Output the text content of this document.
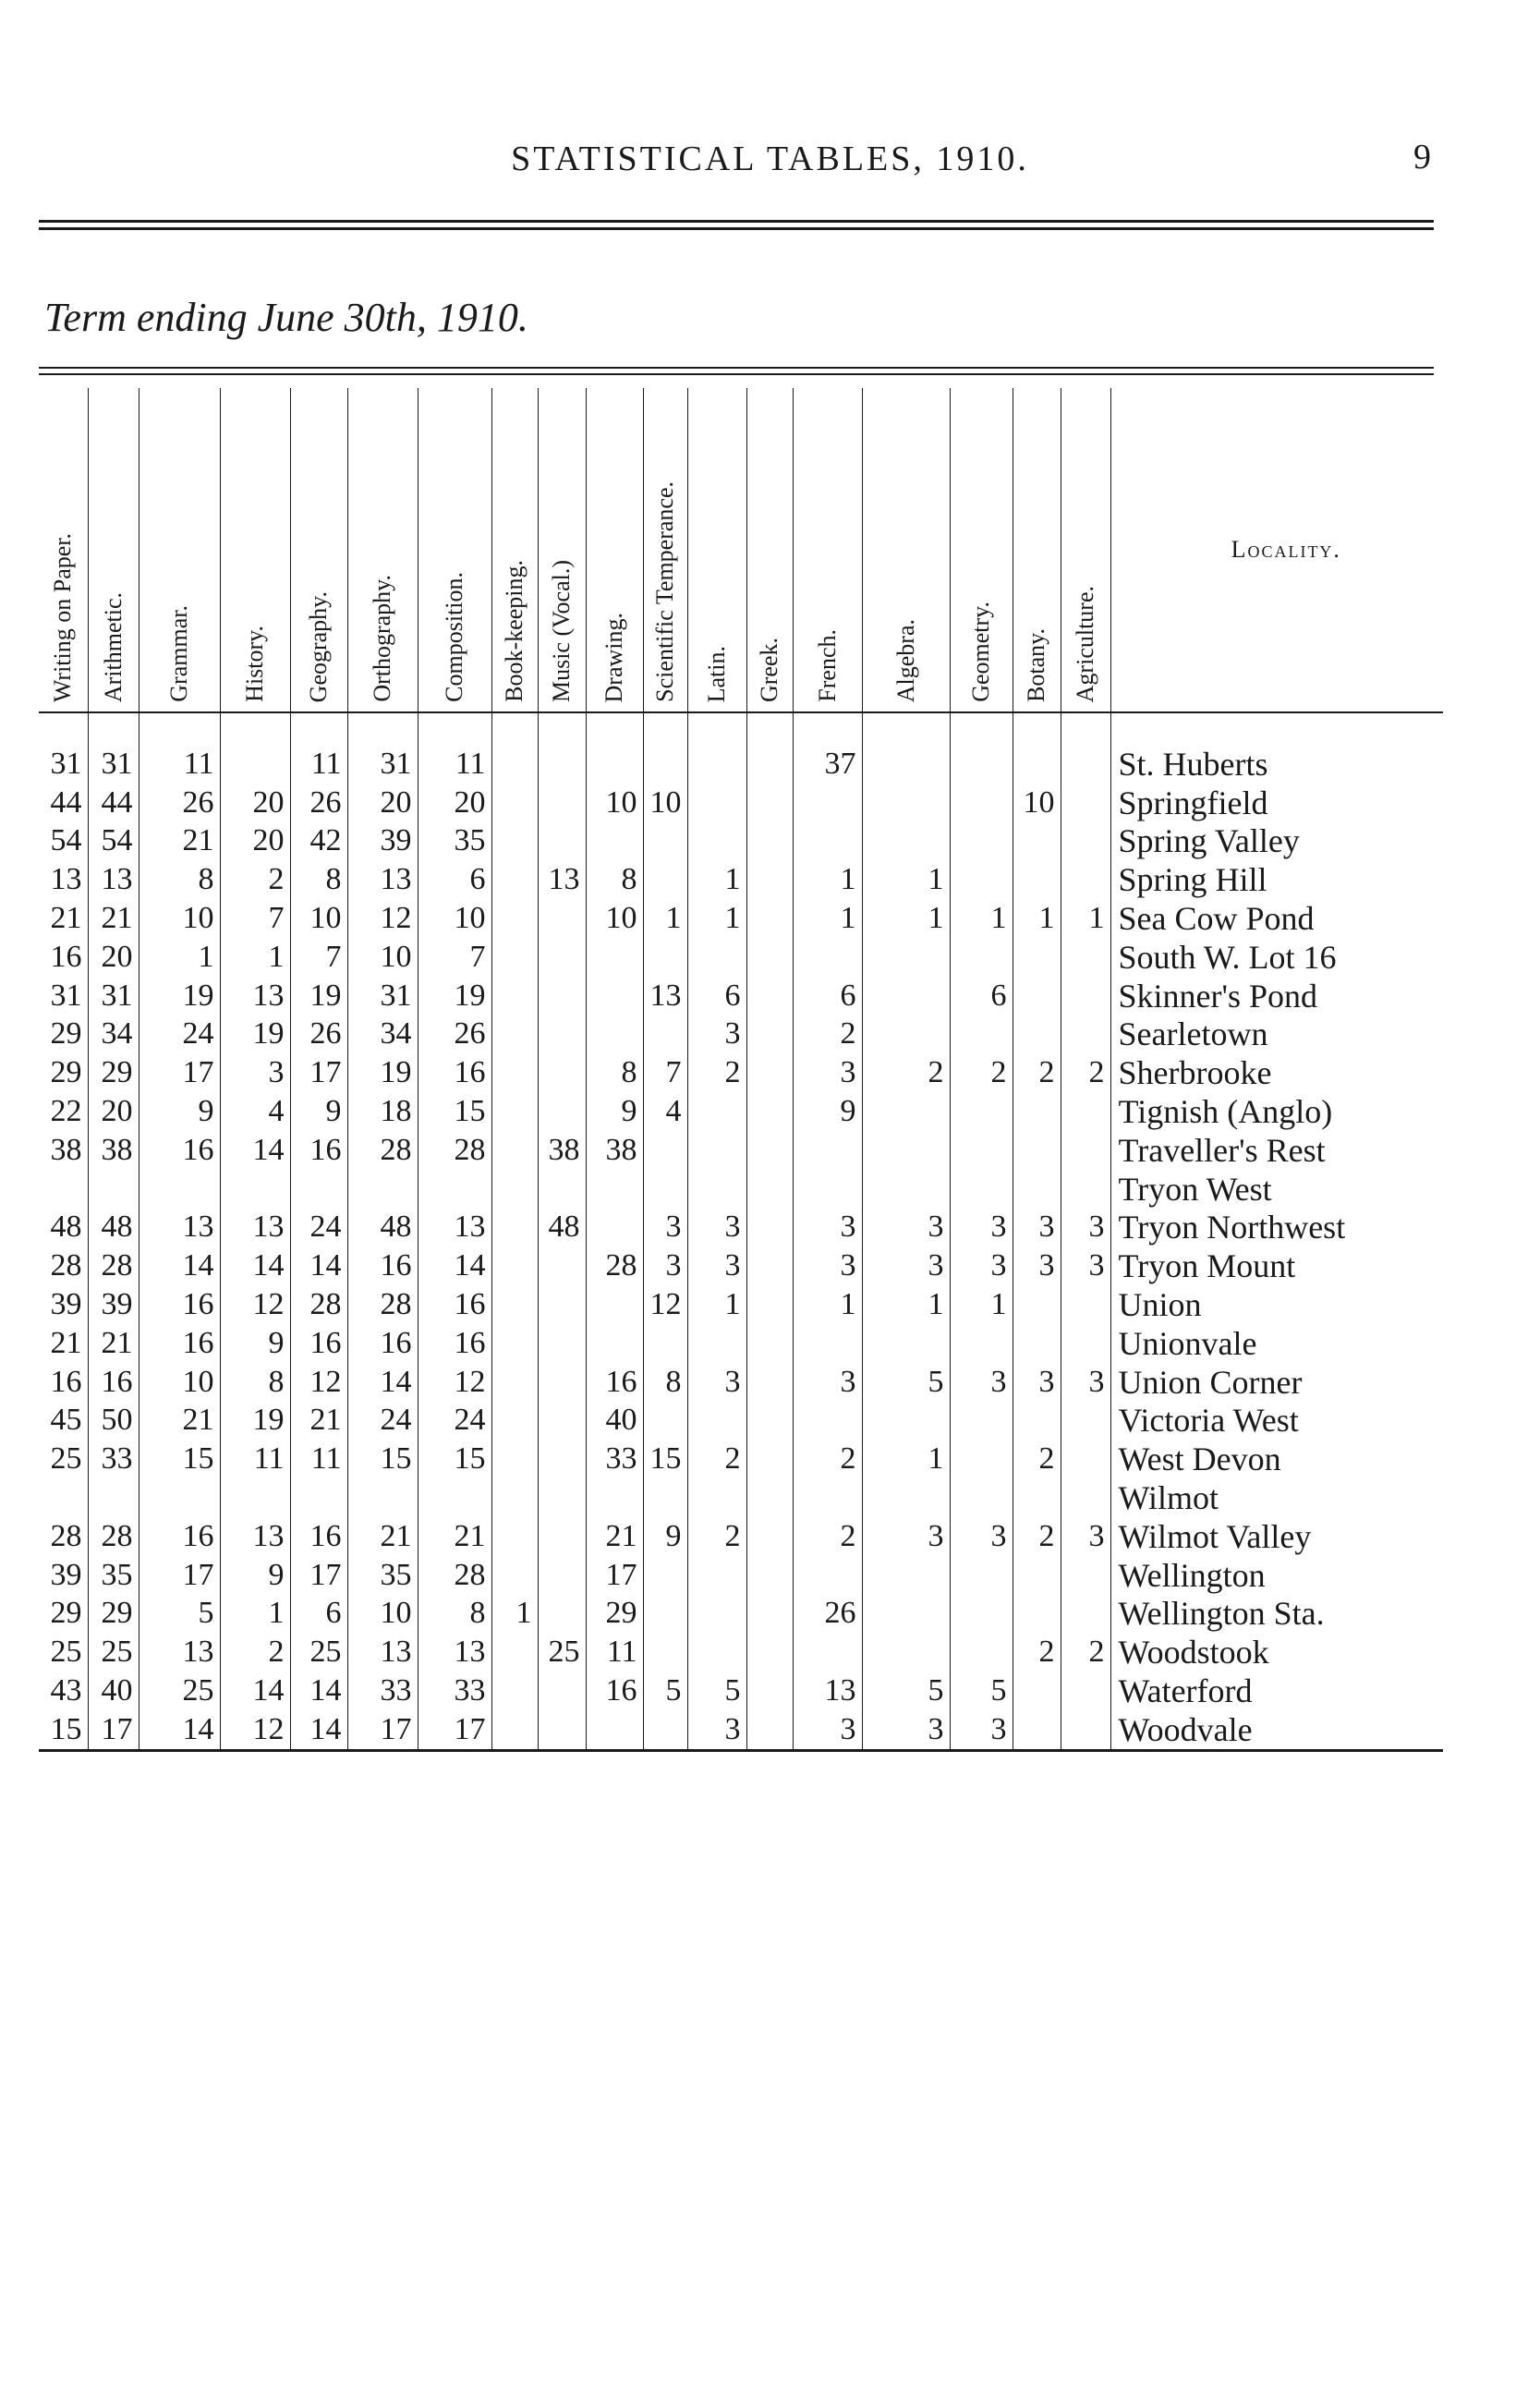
STATISTICAL TABLES, 1910.	9
Term ending June 30th, 1910.
Writing on Paper.	Arithmetic.	Grammar.	History.	Geography.	Orthography.	Composition.	Book-keeping.	Music (Vocal.)	Drawing.	Scientific Temperance.	Latin.	Greek.	French.	Algebra.	Geometry.	Botany.	Agriculture.	Locality.
31	31	11		11	31	11							37					St. Huberts
44	44	26	20	26	20	20			10	10						10		Springfield
54	54	21	20	42	39	35												Spring Valley
13	13	8	2	8	13	6		13	8		1		1	1				Spring Hill
21	21	10	7	10	12	10			10	1	1		1	1	1	1	1	Sea Cow Pond
16	20	1	1	7	10	7												South W. Lot 16
31	31	19	13	19	31	19				13	6		6		6			Skinner's Pond
29	34	24	19	26	34	26					3		2					Searletown
29	29	17	3	17	19	16			8	7	2		3	2	2	2	2	Sherbrooke
22	20	9	4	9	18	15			9	4			9					Tignish (Anglo)
38	38	16	14	16	28	28		38	38									Traveller's Rest
																		Tryon West
48	48	13	13	24	48	13		48		3	3		3	3	3	3	3	Tryon Northwest
28	28	14	14	14	16	14			28	3	3		3	3	3	3	3	Tryon Mount
39	39	16	12	28	28	16				12	1		1	1	1			Union
21	21	16	9	16	16	16												Unionvale
16	16	10	8	12	14	12			16	8	3		3	5	3	3	3	Union Corner
45	50	21	19	21	24	24			40									Victoria West
25	33	15	11	11	15	15			33	15	2		2	1		2		West Devon
																		Wilmot
28	28	16	13	16	21	21			21	9	2		2	3	3	2	3	Wilmot Valley
39	35	17	9	17	35	28			17									Wellington
29	29	5	1	6	10	8	1		29				26					Wellington Sta.
25	25	13	2	25	13	13		25	11							2	2	Woodstook
43	40	25	14	14	33	33			16	5	5		13	5	5			Waterford
15	17	14	12	14	17	17					3		3	3	3			Woodvale
